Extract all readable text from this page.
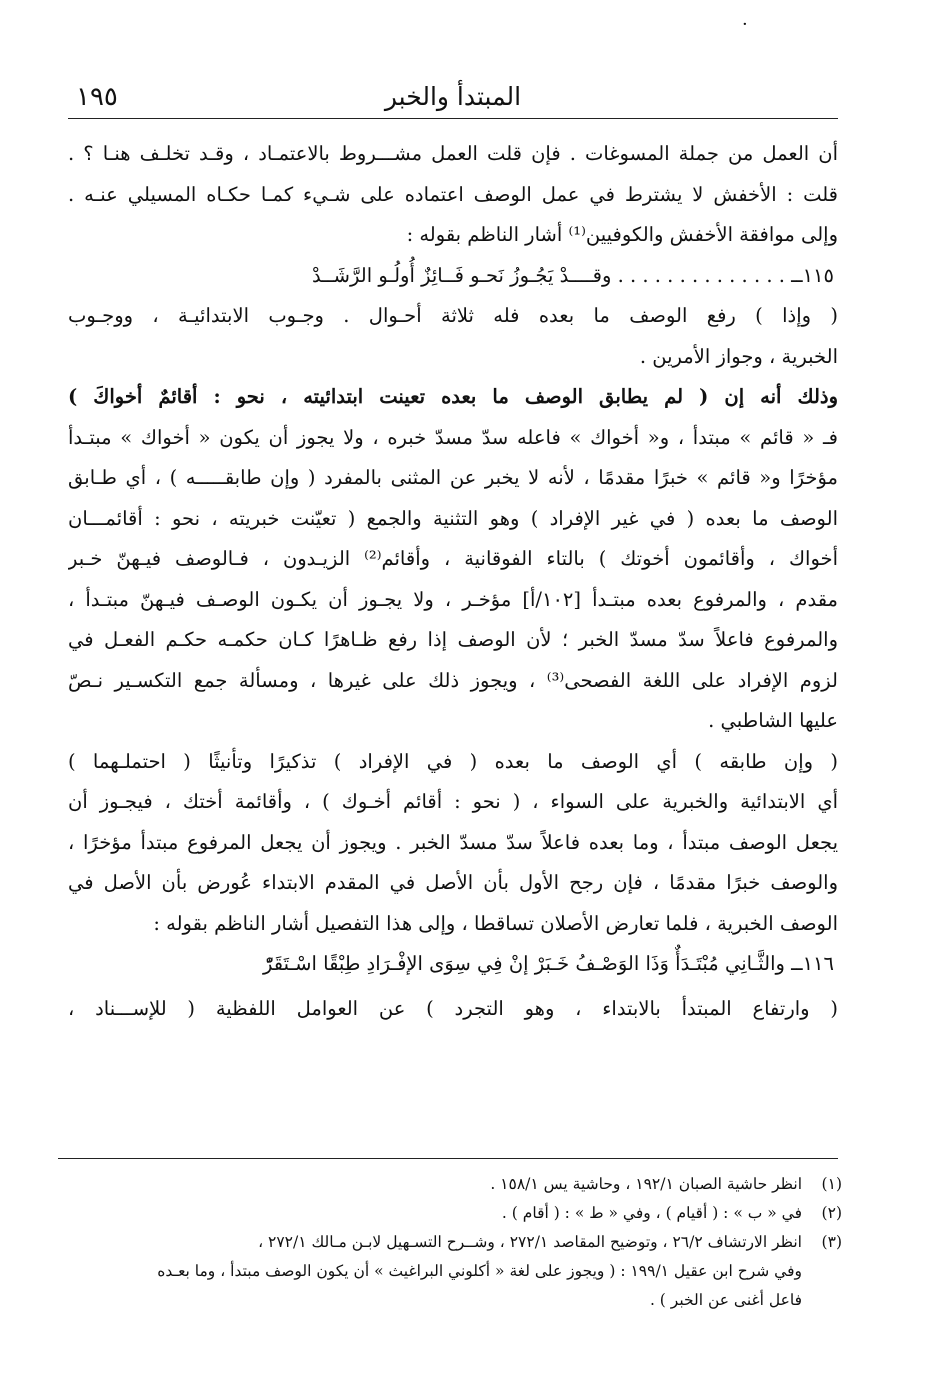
·
المبتدأ والخبر
١٩٥
أن العمل من جملة المسوغات . فإن قلت العمل مشـــروط بالاعتمـاد ، وقـد تخلـف هنـا ؟ .
قلت : الأخفش لا يشترط في عمل الوصف اعتماده على شـيء كمـا حكـاه المسيلي عنـه .
وإلى موافقة الأخفش والكوفيين⁽¹⁾ أشار الناظم بقوله :
١١٥ــ . . . . . . . . . . . . . . وقــــدْ يَجُـوزُ نَحـو فَــائِزٌ أُولُـو الرَّشَــدْ
( وإذا ) رفع الوصف ما بعده فله ثلاثة أحـوال . وجـوب الابتدائيـة ، ووجـوب
الخبرية ، وجواز الأمرين .
وذلك أنه إن ( لم يطابق الوصف ما بعده تعينت ابتدائيته ، نحو : أقائمٌ أخواكَ )
فـ « قائم » مبتدأ ، و« أخواك » فاعله سدّ مسدّ خبره ، ولا يجوز أن يكون « أخواك » مبتـدأ
مؤخرًا و« قائم » خبرًا مقدمًا ، لأنه لا يخبر عن المثنى بالمفرد ( وإن طابقـــــه ) ، أي طـابق
الوصف ما بعده ( في غير الإفراد ) وهو التثنية والجمع ( تعيّنت خبريته ، نحو : أقائمـــان
أخواك ، وأقائمون أخوتك ) بالتاء الفوقانية ، وأقائم⁽²⁾ الزيـدون ، فـالوصف فيـهنّ خـبر
مقدم ، والمرفوع بعده مبتـدأ [١٠٢/أ] مؤخـر ، ولا يجـوز أن يكـون الوصـف فيـهنّ مبتـدأ ،
والمرفوع فاعلاً سدّ مسدّ الخبر ؛ لأن الوصف إذا رفع ظـاهرًا كـان حكمـه حكـم الفعـل في
لزوم الإفراد على اللغة الفصحى⁽³⁾ ، ويجوز ذلك على غيرها ، ومسألة جمع التكسـير نـصّ
عليها الشاطبي .
( وإن طابقه ) أي الوصف ما بعده ( في الإفراد ) تذكيرًا وتأنيثًا ( احتملـهما )
أي الابتدائية والخبرية على السواء ، ( نحو : أقائم أخـوك ) ، وأقائمة أختك ، فيجـوز أن
يجعل الوصف مبتدأ ، وما بعده فاعلاً سدّ مسدّ الخبر . ويجوز أن يجعل المرفوع مبتدأ مؤخرًا ،
والوصف خبرًا مقدمًا ، فإن رجح الأول بأن الأصل في المقدم الابتداء عُورض بأن الأصل في
الوصف الخبرية ، فلما تعارض الأصلان تساقطا ، وإلى هذا التفصيل أشار الناظم بقوله :
١١٦ــ والثَّـانِي مُبْتَـدَأٌ وَذَا الوَصْـفُ خَـبَرْ إنْ فِي سِوَى الإفْـرَادِ طِبْقًا اسْـتَقَرّْ
( وارتفاع المبتدأ بالابتداء ، وهو التجرد ) عن العوامل اللفظية ( للإســـناد ،
(١)انظر حاشية الصبان ١٩٢/١ ، وحاشية يس ١٥٨/١ .
(٢)في « ب » : ( أقيام ) ، وفي « ط » : ( أقام ) .
(٣)انظر الارتشاف ٢٦/٢ ، وتوضيح المقاصد ٢٧٢/١ ، وشــرح التسـهيل لابـن مـالك ٢٧٢/١ ،
وفي شرح ابن عقيل ١٩٩/١ : ( ويجوز على لغة « أكلوني البراغيث » أن يكون الوصف مبتدأ ، وما بعـده
فاعل أغنى عن الخبر ) .
